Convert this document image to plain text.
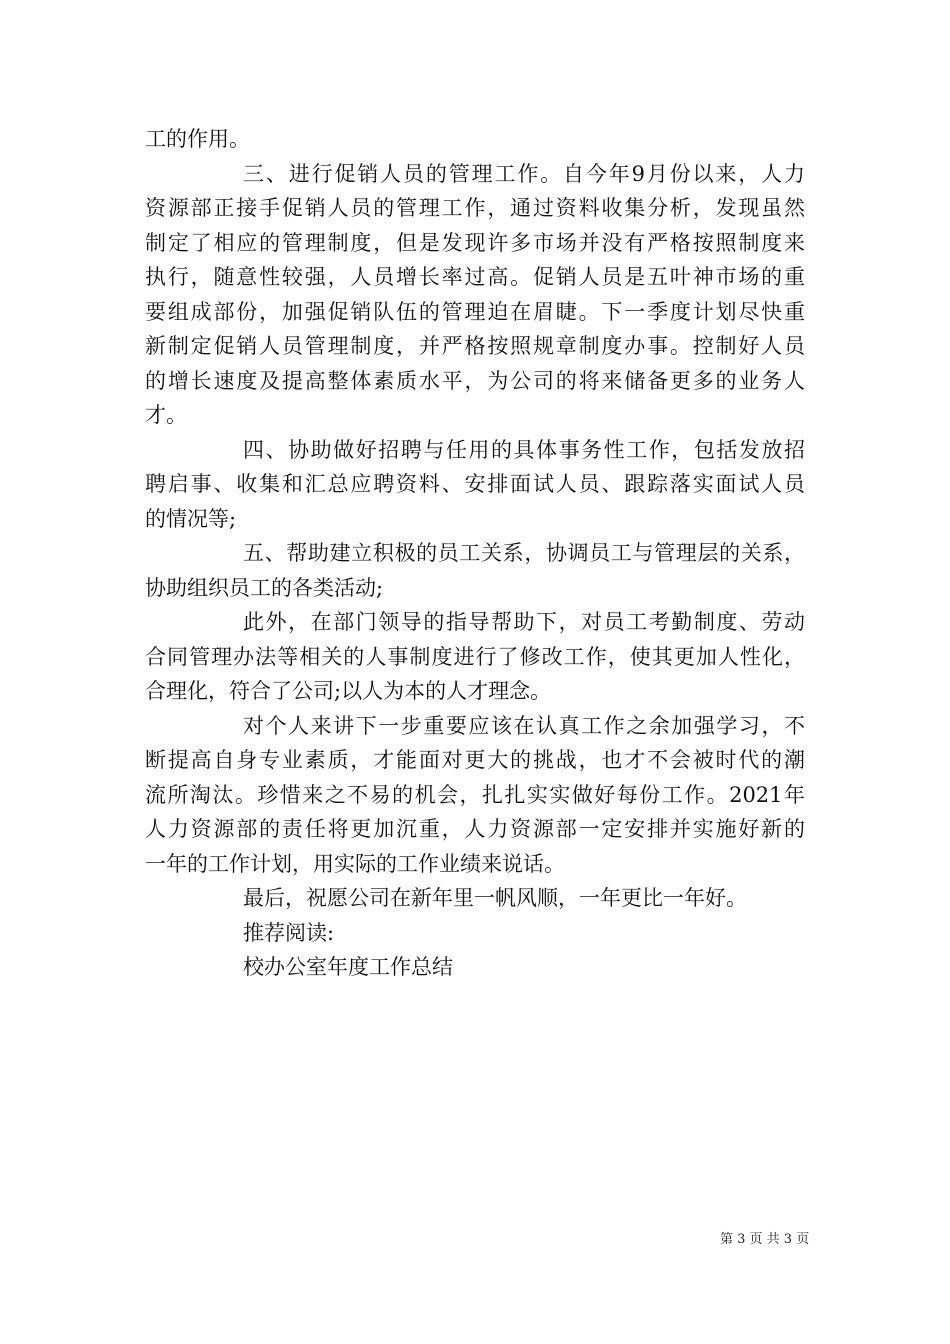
工的作用。
三、进行促销人员的管理工作。自今年9月份以来，人力
资源部正接手促销人员的管理工作，通过资料收集分析，发现虽然
制定了相应的管理制度，但是发现许多市场并没有严格按照制度来
执行，随意性较强，人员增长率过高。促销人员是五叶神市场的重
要组成部份，加强促销队伍的管理迫在眉睫。下一季度计划尽快重
新制定促销人员管理制度，并严格按照规章制度办事。控制好人员
的增长速度及提高整体素质水平，为公司的将来储备更多的业务人
才。
四、协助做好招聘与任用的具体事务性工作，包括发放招
聘启事、收集和汇总应聘资料、安排面试人员、跟踪落实面试人员
的情况等;
五、帮助建立积极的员工关系，协调员工与管理层的关系，
协助组织员工的各类活动;
此外，在部门领导的指导帮助下，对员工考勤制度、劳动
合同管理办法等相关的人事制度进行了修改工作，使其更加人性化，
合理化，符合了公司;以人为本的人才理念。
对个人来讲下一步重要应该在认真工作之余加强学习，不
断提高自身专业素质，才能面对更大的挑战，也才不会被时代的潮
流所淘汰。珍惜来之不易的机会，扎扎实实做好每份工作。2021年
人力资源部的责任将更加沉重，人力资源部一定安排并实施好新的
一年的工作计划，用实际的工作业绩来说话。
最后，祝愿公司在新年里一帆风顺，一年更比一年好。
推荐阅读:
校办公室年度工作总结
第 3 页 共 3 页
